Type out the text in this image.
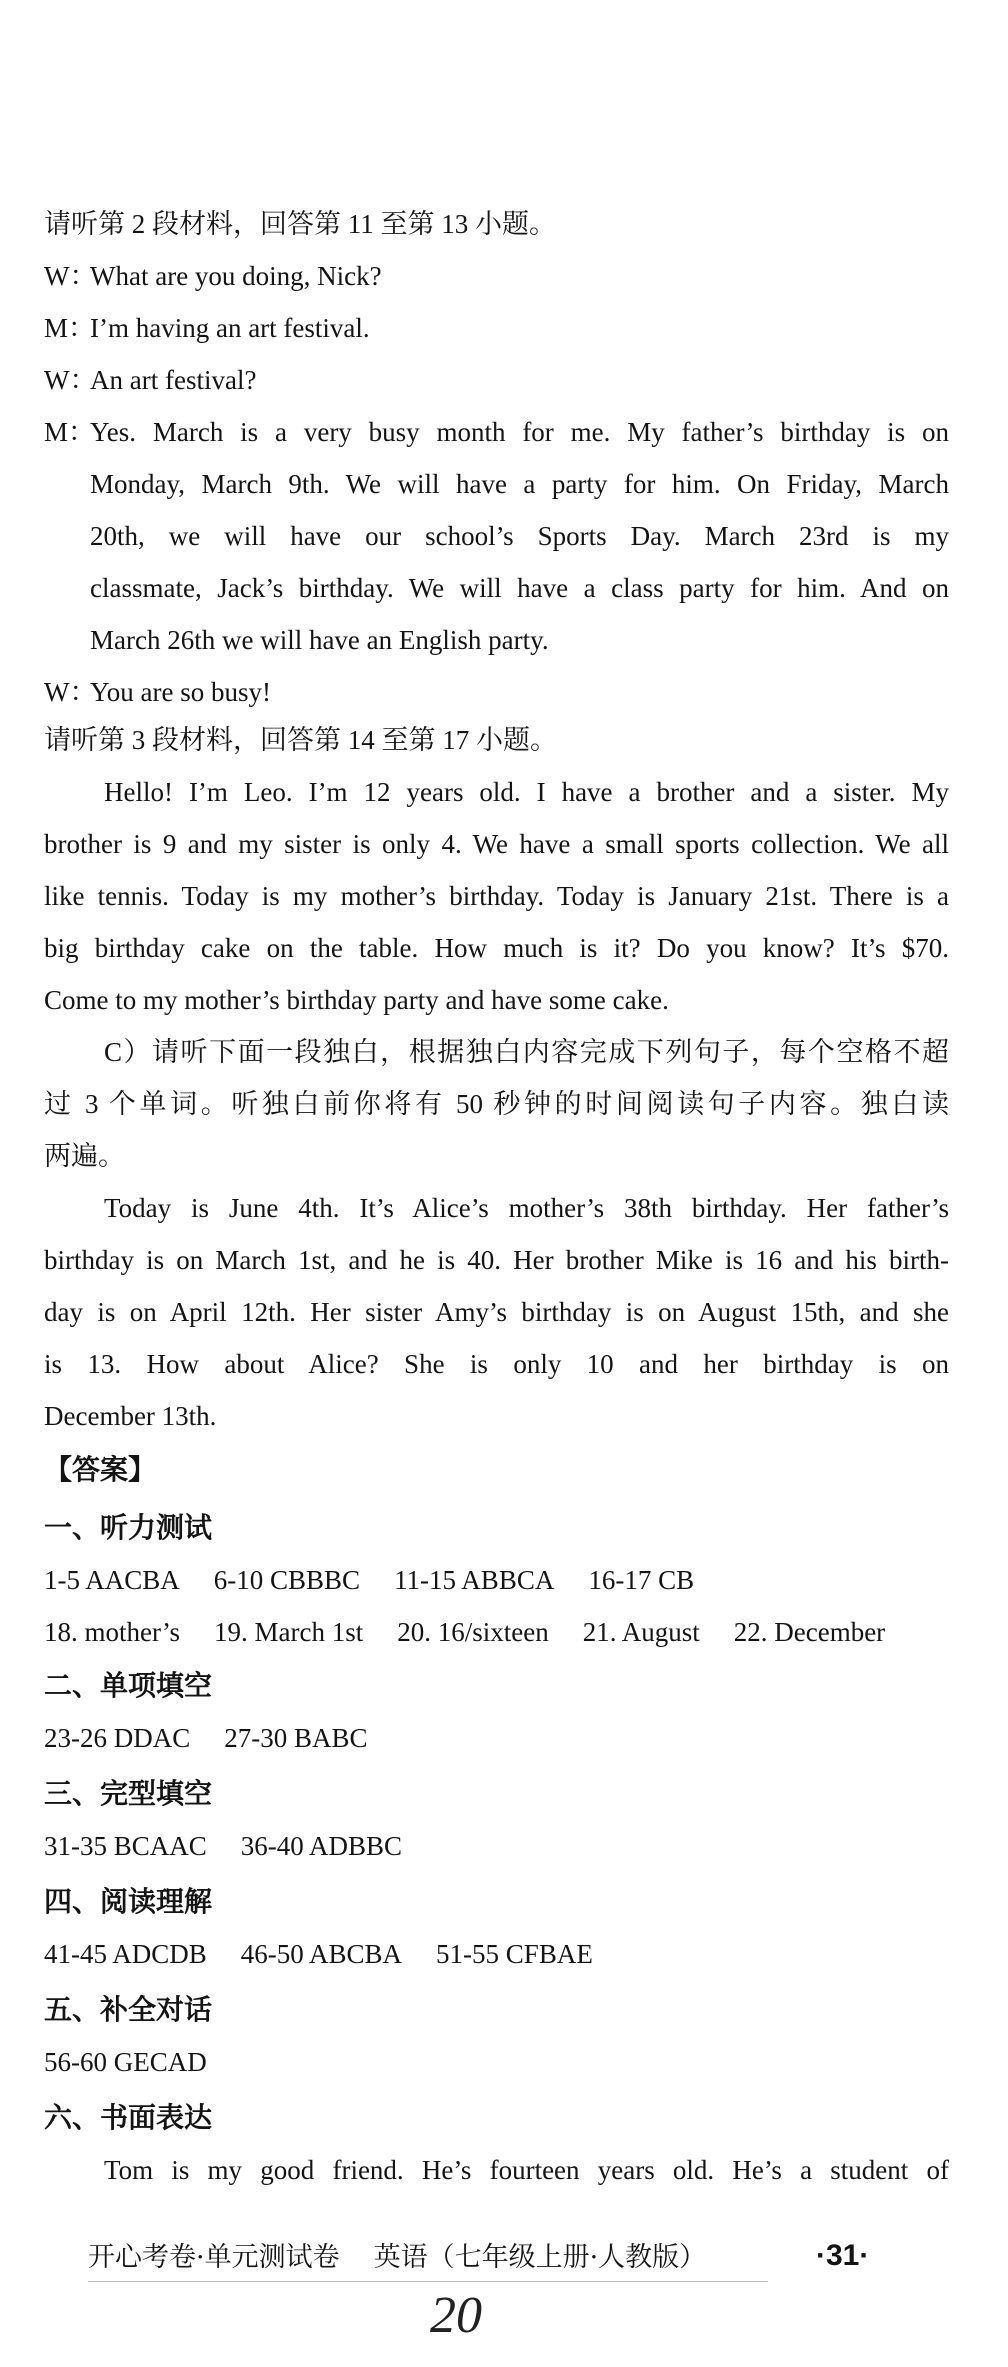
请听第 2 段材料，回答第 11 至第 13 小题。
W：
What are you doing, Nick?
M：
I’m having an art festival.
W：
An art festival?
M：
Yes. March is a very busy month for me. My father’s birthday is on
Monday, March 9th. We will have a party for him. On Friday, March
20th, we will have our school’s Sports Day. March 23rd is my
classmate, Jack’s birthday. We will have a class party for him. And on
March 26th we will have an English party.
W：
You are so busy!
请听第 3 段材料，回答第 14 至第 17 小题。
Hello! I’m Leo. I’m 12 years old. I have a brother and a sister. My
brother is 9 and my sister is only 4. We have a small sports collection. We all
like tennis. Today is my mother’s birthday. Today is January 21st. There is a
big birthday cake on the table. How much is it? Do you know? It’s $70.
Come to my mother’s birthday party and have some cake.
C）请听下面一段独白，根据独白内容完成下列句子，每个空格不超
过 3 个单词。听独白前你将有 50 秒钟的时间阅读句子内容。独白读
两遍。
Today is June 4th. It’s Alice’s mother’s 38th birthday. Her father’s
birthday is on March 1st, and he is 40. Her brother Mike is 16 and his birth-
day is on April 12th. Her sister Amy’s birthday is on August 15th, and she
is 13. How about Alice? She is only 10 and her birthday is on
December 13th.
【答案】
一、听力测试
1-5 AACBA 6-10 CBBBC 11-15 ABBCA 16-17 CB
18. mother’s 19. March 1st 20. 16/sixteen 21. August 22. December
二、单项填空
23-26 DDAC 27-30 BABC
三、完型填空
31-35 BCAAC 36-40 ADBBC
四、阅读理解
41-45 ADCDB 46-50 ABCBA 51-55 CFBAE
五、补全对话
56-60 GECAD
六、书面表达
Tom is my good friend. He’s fourteen years old. He’s a student of
开心考卷·单元测试卷 英语（七年级上册·人教版）	·31·
20
